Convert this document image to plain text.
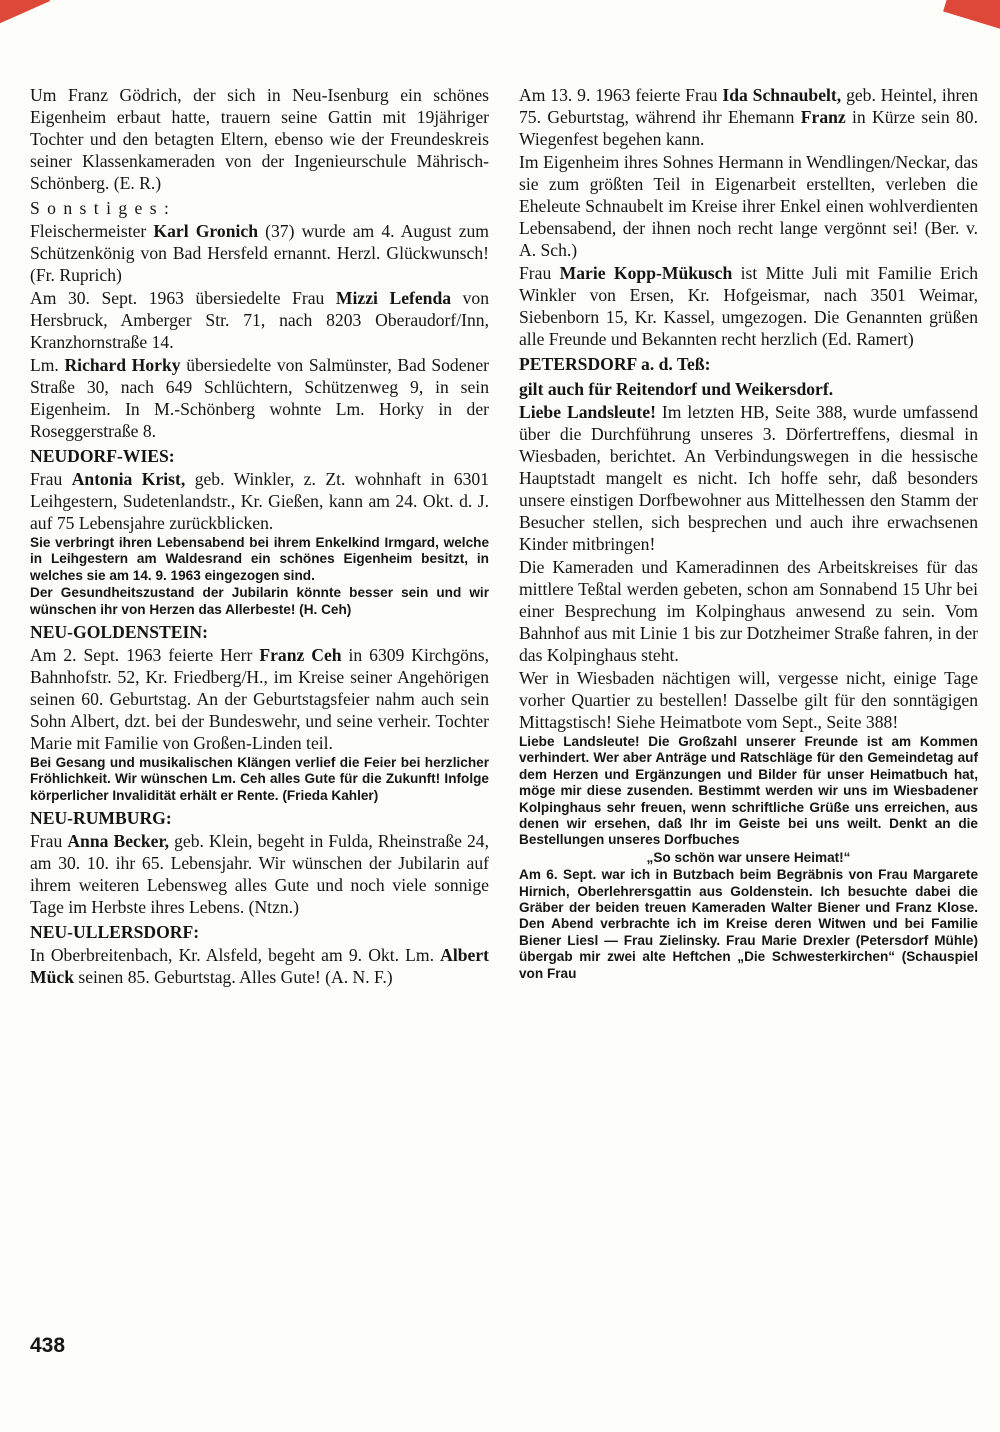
Um Franz Gödrich, der sich in Neu-Isenburg ein schönes Eigenheim erbaut hatte, trauern seine Gattin mit 19jähriger Tochter und den betagten Eltern, ebenso wie der Freundeskreis seiner Klassenkameraden von der Ingenieurschule Mährisch-Schönberg. (E. R.)

Sonstiges:

Fleischermeister Karl Gronich (37) wurde am 4. August zum Schützenkönig von Bad Hersfeld ernannt. Herzl. Glückwunsch! (Fr. Ruprich)

Am 30. Sept. 1963 übersiedelte Frau Mizzi Lefenda von Hersbruck, Amberger Str. 71, nach 8203 Oberaudorf/Inn, Kranzhornstraße 14.

Lm. Richard Horky übersiedelte von Salmünster, Bad Sodener Straße 30, nach 649 Schlüchtern, Schützenweg 9, in sein Eigenheim. In M.-Schönberg wohnte Lm. Horky in der Roseggerstraße 8.

NEUDORF-WIES:

Frau Antonia Krist, geb. Winkler, z. Zt. wohnhaft in 6301 Leihgestern, Sudetenlandstr., Kr. Gießen, kann am 24. Okt. d. J. auf 75 Lebensjahre zurückblicken.

Sie verbringt ihren Lebensabend bei ihrem Enkelkind Irmgard, welche in Leihgestern am Waldesrand ein schönes Eigenheim besitzt, in welches sie am 14. 9. 1963 eingezogen sind.

Der Gesundheitszustand der Jubilarin könnte besser sein und wir wünschen ihr von Herzen das Allerbeste! (H. Ceh)

NEU-GOLDENSTEIN:

Am 2. Sept. 1963 feierte Herr Franz Ceh in 6309 Kirchgöns, Bahnhofstr. 52, Kr. Friedberg/H., im Kreise seiner Angehörigen seinen 60. Geburtstag. An der Geburtstagsfeier nahm auch sein Sohn Albert, dzt. bei der Bundeswehr, und seine verheir. Tochter Marie mit Familie von Großen-Linden teil.

Bei Gesang und musikalischen Klängen verlief die Feier bei herzlicher Fröhlichkeit. Wir wünschen Lm. Ceh alles Gute für die Zukunft! Infolge körperlicher Invalidität erhält er Rente. (Frieda Kahler)

NEU-RUMBURG:

Frau Anna Becker, geb. Klein, begeht in Fulda, Rheinstraße 24, am 30. 10. ihr 65. Lebensjahr. Wir wünschen der Jubilarin auf ihrem weiteren Lebensweg alles Gute und noch viele sonnige Tage im Herbste ihres Lebens. (Ntzn.)

NEU-ULLERSDORF:

In Oberbreitenbach, Kr. Alsfeld, begeht am 9. Okt. Lm. Albert Mück seinen 85. Geburtstag. Alles Gute! (A. N. F.)

Am 13. 9. 1963 feierte Frau Ida Schnaubelt, geb. Heintel, ihren 75. Geburtstag, während ihr Ehemann Franz in Kürze sein 80. Wiegenfest begehen kann.

Im Eigenheim ihres Sohnes Hermann in Wendlingen/Neckar, das sie zum größten Teil in Eigenarbeit erstellten, verleben die Eheleute Schnaubelt im Kreise ihrer Enkel einen wohlverdienten Lebensabend, der ihnen noch recht lange vergönnt sei! (Ber. v. A. Sch.)

Frau Marie Kopp-Mükusch ist Mitte Juli mit Familie Erich Winkler von Ersen, Kr. Hofgeismar, nach 3501 Weimar, Siebenborn 15, Kr. Kassel, umgezogen. Die Genannten grüßen alle Freunde und Bekannten recht herzlich (Ed. Ramert)

PETERSDORF a. d. Teß:

gilt auch für Reitendorf und Weikersdorf.

Liebe Landsleute! Im letzten HB, Seite 388, wurde umfassend über die Durchführung unseres 3. Dörfertreffens, diesmal in Wiesbaden, berichtet. An Verbindungswegen in die hessische Hauptstadt mangelt es nicht. Ich hoffe sehr, daß besonders unsere einstigen Dorfbewohner aus Mittelhessen den Stamm der Besucher stellen, sich besprechen und auch ihre erwachsenen Kinder mitbringen!

Die Kameraden und Kameradinnen des Arbeitskreises für das mittlere Teßtal werden gebeten, schon am Sonnabend 15 Uhr bei einer Besprechung im Kolpinghaus anwesend zu sein. Vom Bahnhof aus mit Linie 1 bis zur Dotzheimer Straße fahren, in der das Kolpinghaus steht.

Wer in Wiesbaden nächtigen will, vergesse nicht, einige Tage vorher Quartier zu bestellen! Dasselbe gilt für den sonntägigen Mittagstisch! Siehe Heimatbote vom Sept., Seite 388!

Liebe Landsleute! Die Großzahl unserer Freunde ist am Kommen verhindert. Wer aber Anträge und Ratschläge für den Gemeindetag auf dem Herzen und Ergänzungen und Bilder für unser Heimatbuch hat, möge mir diese zusenden. Bestimmt werden wir uns im Wiesbadener Kolpinghaus sehr freuen, wenn schriftliche Grüße uns erreichen, aus denen wir ersehen, daß Ihr im Geiste bei uns weilt. Denkt an die Bestellungen unseres Dorfbuches

„So schön war unsere Heimat!“

Am 6. Sept. war ich in Butzbach beim Begräbnis von Frau Margarete Hirnich, Oberlehrersgattin aus Goldenstein. Ich besuchte dabei die Gräber der beiden treuen Kameraden Walter Biener und Franz Klose. Den Abend verbrachte ich im Kreise deren Witwen und bei Familie Biener Liesl — Frau Zielinsky. Frau Marie Drexler (Petersdorf Mühle) übergab mir zwei alte Heftchen „Die Schwesterkirchen“ (Schauspiel von Frau

438
